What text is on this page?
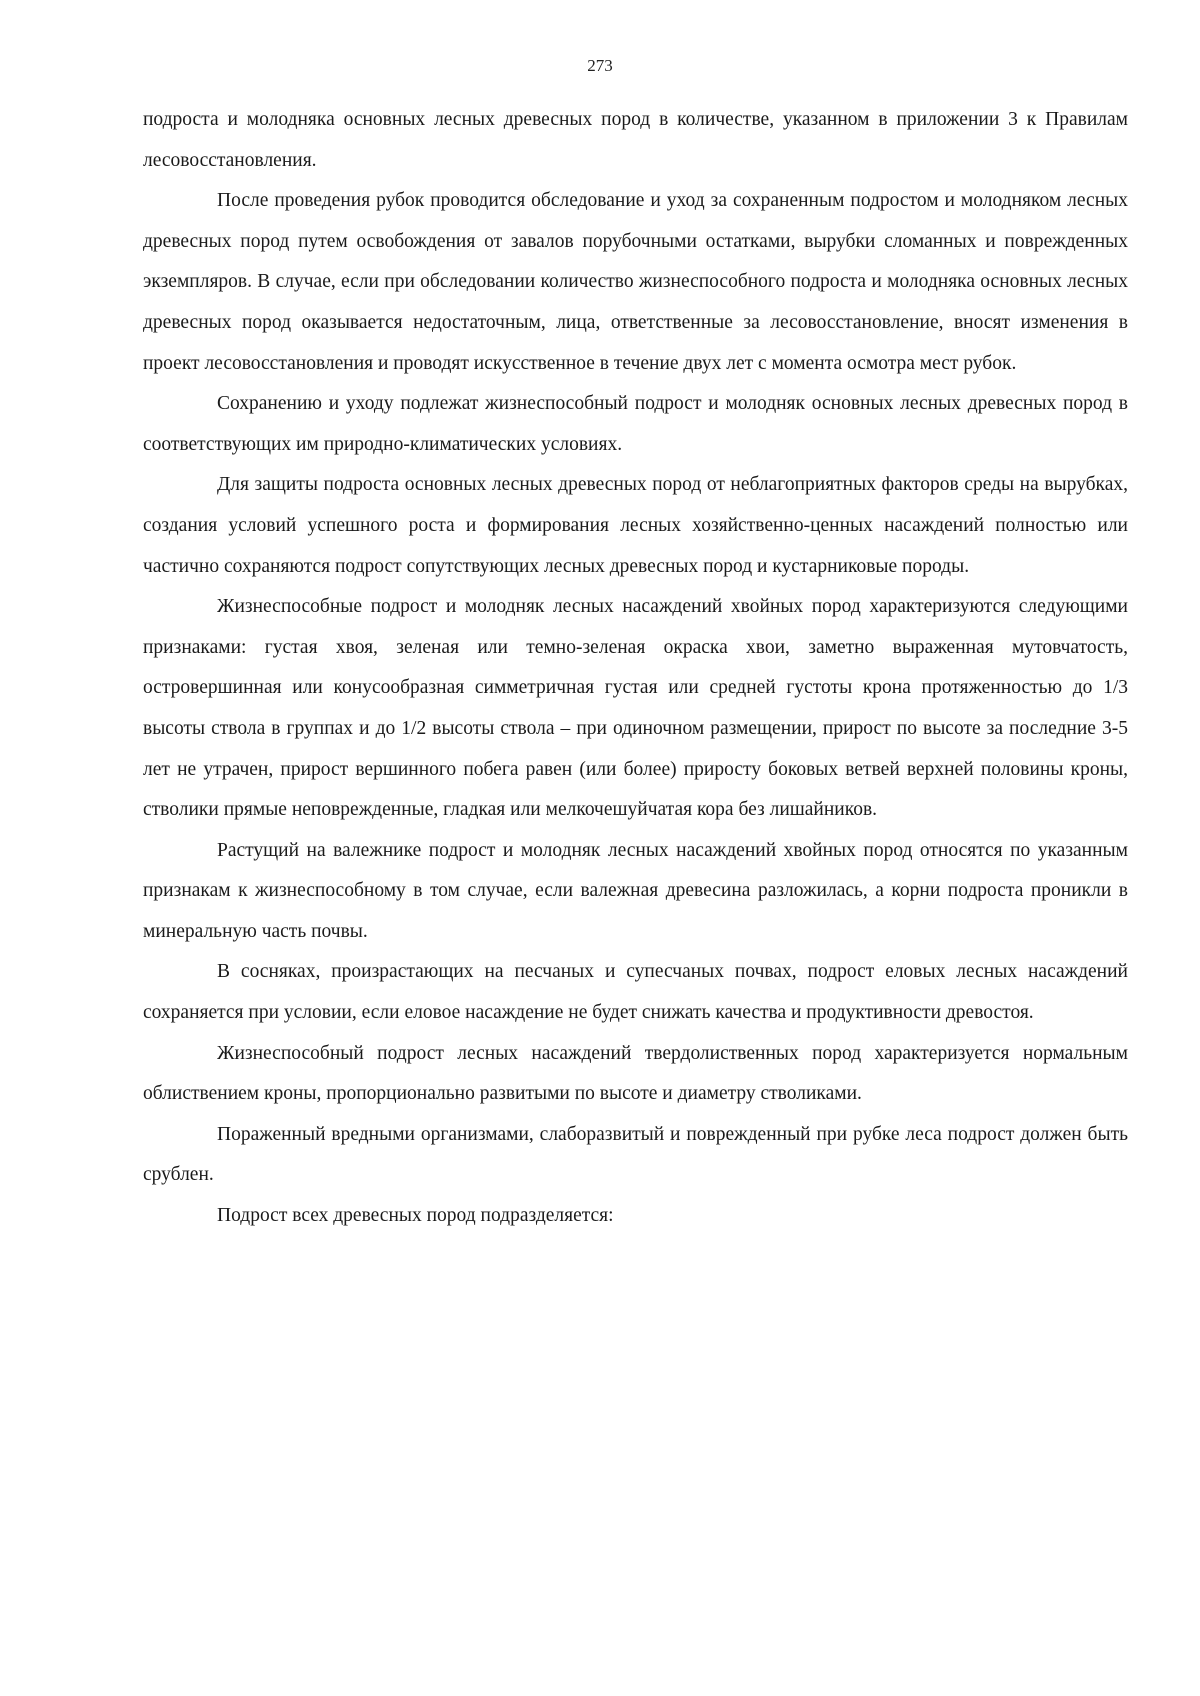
273

подроста и молодняка основных лесных древесных пород в количестве, указанном в приложении 3 к Правилам лесовосстановления.

После проведения рубок проводится обследование и уход за сохраненным подростом и молодняком лесных древесных пород путем освобождения от завалов порубочными остатками, вырубки сломанных и поврежденных экземпляров. В случае, если при обследовании количество жизнеспособного подроста и молодняка основных лесных древесных пород оказывается недостаточным, лица, ответственные за лесовосстановление, вносят изменения в проект лесовосстановления и проводят искусственное в течение двух лет с момента осмотра мест рубок.

Сохранению и уходу подлежат жизнеспособный подрост и молодняк основных лесных древесных пород в соответствующих им природно-климатических условиях.

Для защиты подроста основных лесных древесных пород от неблагоприятных факторов среды на вырубках, создания условий успешного роста и формирования лесных хозяйственно-ценных насаждений полностью или частично сохраняются подрост сопутствующих лесных древесных пород и кустарниковые породы.

Жизнеспособные подрост и молодняк лесных насаждений хвойных пород характеризуются следующими признаками: густая хвоя, зеленая или темно-зеленая окраска хвои, заметно выраженная мутовчатость, островершинная или конусообразная симметричная густая или средней густоты крона протяженностью до 1/3 высоты ствола в группах и до 1/2 высоты ствола – при одиночном размещении, прирост по высоте за последние 3-5 лет не утрачен, прирост вершинного побега равен (или более) приросту боковых ветвей верхней половины кроны, стволики прямые неповрежденные, гладкая или мелкочешуйчатая кора без лишайников.

Растущий на валежнике подрост и молодняк лесных насаждений хвойных пород относятся по указанным признакам к жизнеспособному в том случае, если валежная древесина разложилась, а корни подроста проникли в минеральную часть почвы.

В сосняках, произрастающих на песчаных и супесчаных почвах, подрост еловых лесных насаждений сохраняется при условии, если еловое насаждение не будет снижать качества и продуктивности древостоя.

Жизнеспособный подрост лесных насаждений твердолиственных пород характеризуется нормальным облиствением кроны, пропорционально развитыми по высоте и диаметру стволиками.

Пораженный вредными организмами, слаборазвитый и поврежденный при рубке леса подрост должен быть срублен.

Подрост всех древесных пород подразделяется:
